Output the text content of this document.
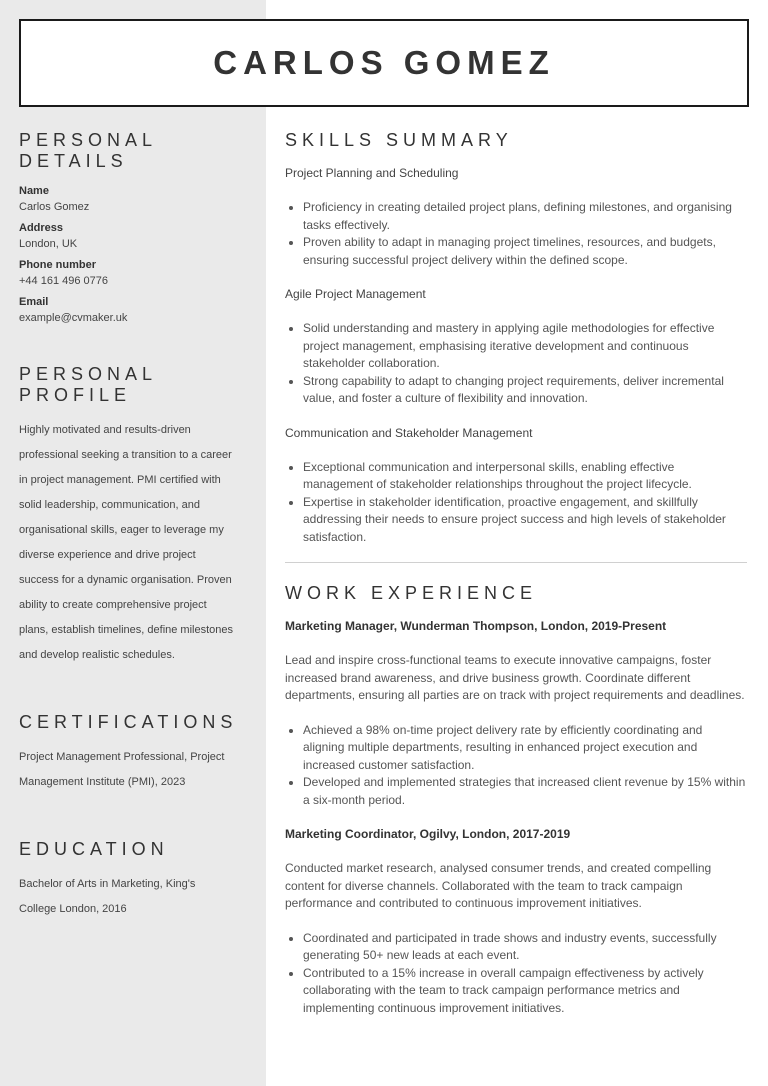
CARLOS GOMEZ
PERSONAL DETAILS
Name
Carlos Gomez
Address
London, UK
Phone number
+44 161 496 0776
Email
example@cvmaker.uk
PERSONAL PROFILE

Highly motivated and results-driven professional seeking a transition to a career in project management. PMI certified with solid leadership, communication, and organisational skills, eager to leverage my diverse experience and drive project success for a dynamic organisation. Proven ability to create comprehensive project plans, establish timelines, define milestones and develop realistic schedules.

CERTIFICATIONS

Project Management Professional, Project Management Institute (PMI), 2023

EDUCATION

Bachelor of Arts in Marketing, King's College London, 2016

SKILLS SUMMARY

Project Planning and Scheduling

• Proficiency in creating detailed project plans, defining milestones, and organising tasks effectively.
• Proven ability to adapt in managing project timelines, resources, and budgets, ensuring successful project delivery within the defined scope.

Agile Project Management

• Solid understanding and mastery in applying agile methodologies for effective project management, emphasising iterative development and continuous stakeholder collaboration.
• Strong capability to adapt to changing project requirements, deliver incremental value, and foster a culture of flexibility and innovation.

Communication and Stakeholder Management

• Exceptional communication and interpersonal skills, enabling effective management of stakeholder relationships throughout the project lifecycle.
• Expertise in stakeholder identification, proactive engagement, and skillfully addressing their needs to ensure project success and high levels of stakeholder satisfaction.
WORK EXPERIENCE

Marketing Manager, Wunderman Thompson, London, 2019-Present

Lead and inspire cross-functional teams to execute innovative campaigns, foster increased brand awareness, and drive business growth. Coordinate different departments, ensuring all parties are on track with project requirements and deadlines.

• Achieved a 98% on-time project delivery rate by efficiently coordinating and aligning multiple departments, resulting in enhanced project execution and increased customer satisfaction.
• Developed and implemented strategies that increased client revenue by 15% within a six-month period.

Marketing Coordinator, Ogilvy, London, 2017-2019

Conducted market research, analysed consumer trends, and created compelling content for diverse channels. Collaborated with the team to track campaign performance and contributed to continuous improvement initiatives.

• Coordinated and participated in trade shows and industry events, successfully generating 50+ new leads at each event.
• Contributed to a 15% increase in overall campaign effectiveness by actively collaborating with the team to track campaign performance metrics and implementing continuous improvement initiatives.
